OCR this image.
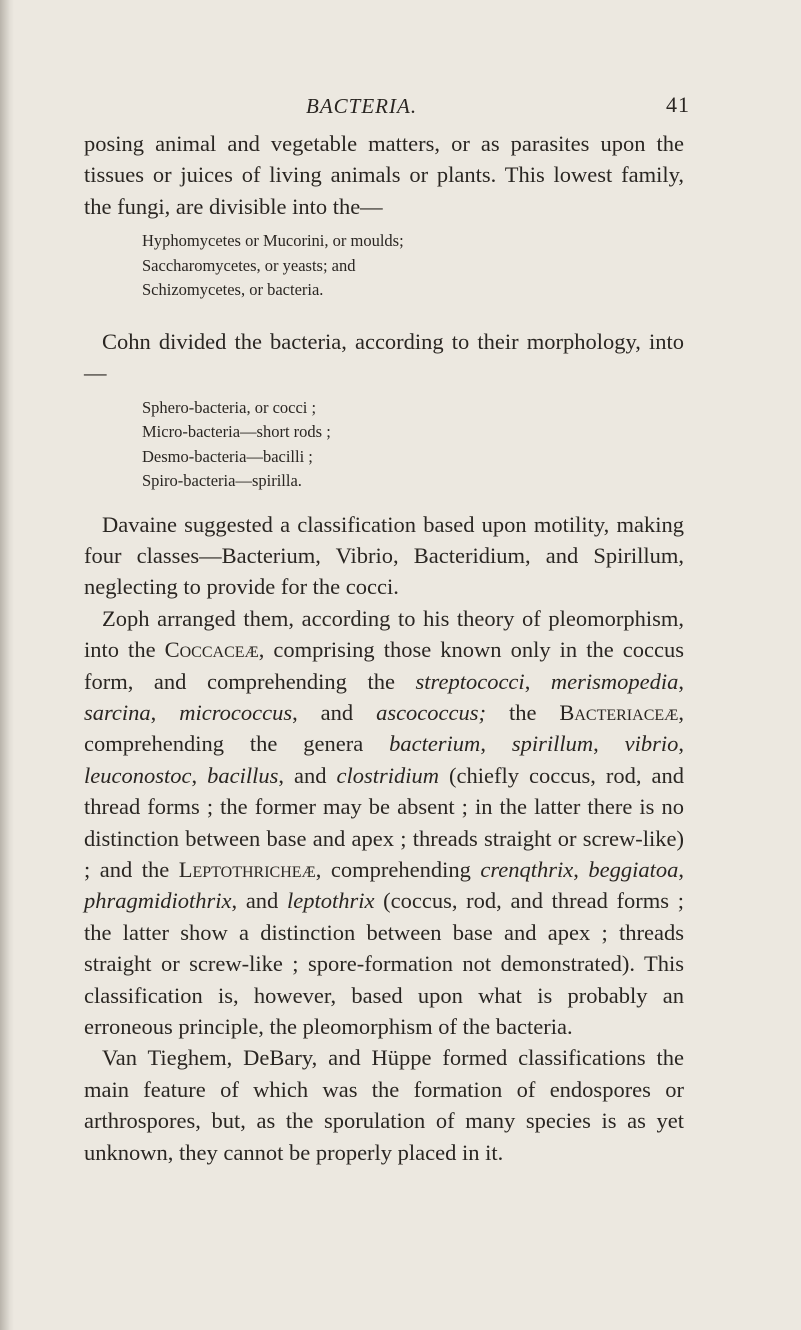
BACTERIA.	41

posing animal and vegetable matters, or as parasites upon the tissues or juices of living animals or plants. This lowest family, the fungi, are divisible into the—

Hyphomycetes or Mucorini, or moulds;
Saccharomycetes, or yeasts; and
Schizomycetes, or bacteria.

Cohn divided the bacteria, according to their morphology, into—

Sphero-bacteria, or cocci ;
Micro-bacteria—short rods ;
Desmo-bacteria—bacilli ;
Spiro-bacteria—spirilla.

Davaine suggested a classification based upon motility, making four classes—Bacterium, Vibrio, Bacteridium, and Spirillum, neglecting to provide for the cocci.

Zoph arranged them, according to his theory of pleomorphism, into the Coccaceæ, comprising those known only in the coccus form, and comprehending the streptococci, merismopedia, sarcina, micrococcus, and ascococcus; the Bacteriaceæ, comprehending the genera bacterium, spirillum, vibrio, leuconostoc, bacillus, and clostridium (chiefly coccus, rod, and thread forms ; the former may be absent ; in the latter there is no distinction between base and apex ; threads straight or screw-like) ; and the Leptothricheæ, comprehending crenqthrix, beggiatoa, phragmidiothrix, and leptothrix (coccus, rod, and thread forms ; the latter show a distinction between base and apex ; threads straight or screw-like ; spore-formation not demonstrated). This classification is, however, based upon what is probably an erroneous principle, the pleomorphism of the bacteria.

Van Tieghem, DeBary, and Hüppe formed classifications the main feature of which was the formation of endospores or arthrospores, but, as the sporulation of many species is as yet unknown, they cannot be properly placed in it.
